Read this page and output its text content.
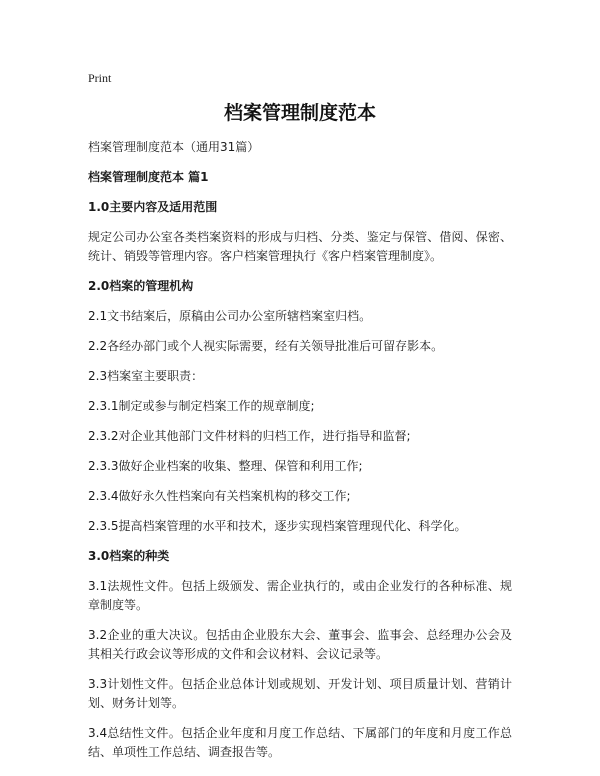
Print
档案管理制度范本
档案管理制度范本（通用31篇）
档案管理制度范本 篇1
1.0主要内容及适用范围
规定公司办公室各类档案资料的形成与归档、分类、鉴定与保管、借阅、保密、统计、销毁等管理内容。客户档案管理执行《客户档案管理制度》。
2.0档案的管理机构
2.1文书结案后，原稿由公司办公室所辖档案室归档。
2.2各经办部门或个人视实际需要，经有关领导批准后可留存影本。
2.3档案室主要职责：
2.3.1制定或参与制定档案工作的规章制度;
2.3.2对企业其他部门文件材料的归档工作，进行指导和监督;
2.3.3做好企业档案的收集、整理、保管和利用工作;
2.3.4做好永久性档案向有关档案机构的移交工作;
2.3.5提高档案管理的水平和技术，逐步实现档案管理现代化、科学化。
3.0档案的种类
3.1法规性文件。包括上级颁发、需企业执行的，或由企业发行的各种标准、规章制度等。
3.2企业的重大决议。包括由企业股东大会、董事会、监事会、总经理办公会及其相关行政会议等形成的文件和会议材料、会议记录等。
3.3计划性文件。包括企业总体计划或规划、开发计划、项目质量计划、营销计划、财务计划等。
3.4总结性文件。包括企业年度和月度工作总结、下属部门的年度和月度工作总结、单项性工作总结、调查报告等。
